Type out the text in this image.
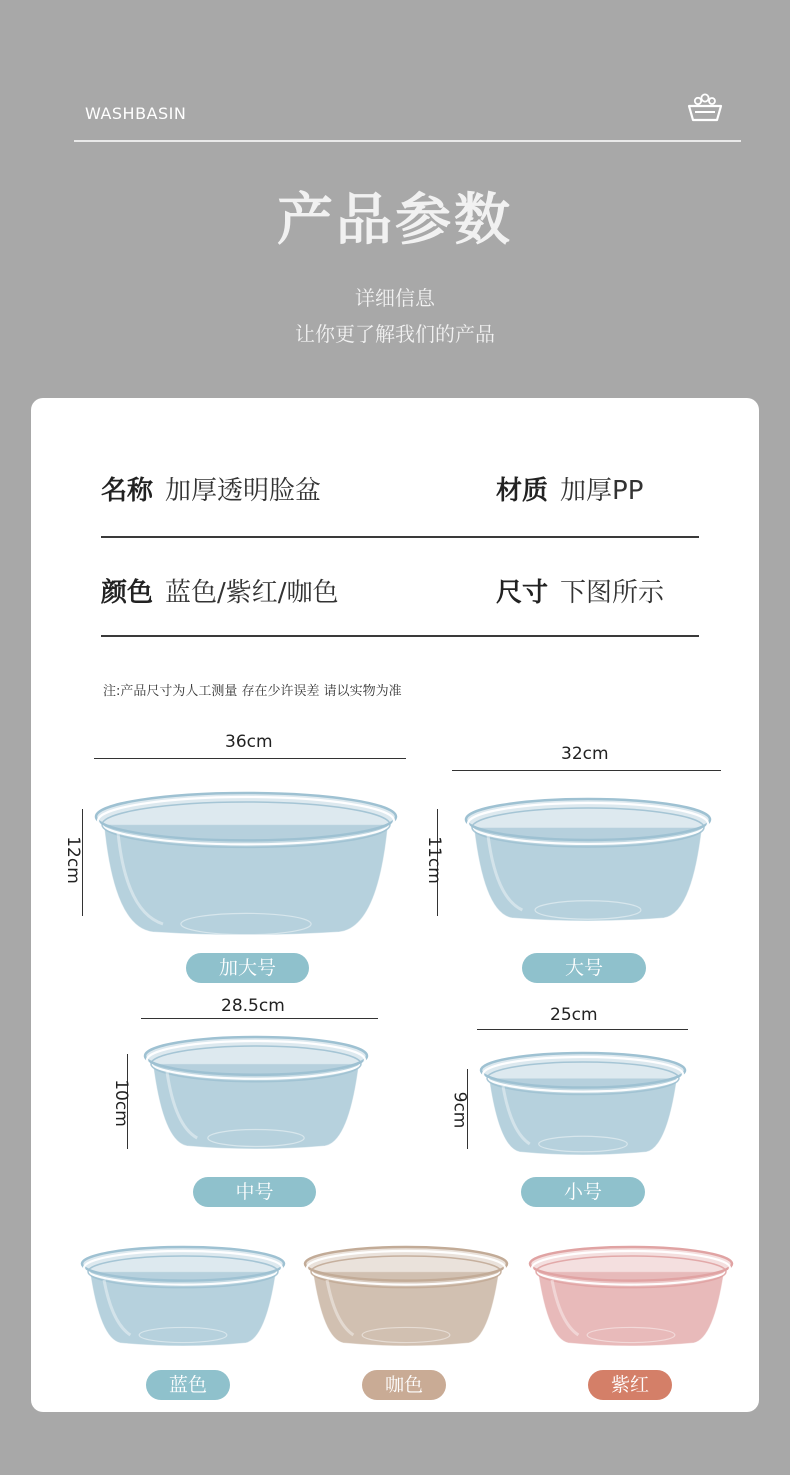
WASHBASIN
产品参数
详细信息
让你更了解我们的产品
名称 加厚透明脸盆	材质 加厚PP
颜色 蓝色/紫红/咖色	尺寸 下图所示
注:产品尺寸为人工测量 存在少许误差 请以实物为准
36cm
12cm
加大号
32cm
11cm
大号
28.5cm
10cm
中号
25cm
9cm
小号
蓝色	咖色	紫红
